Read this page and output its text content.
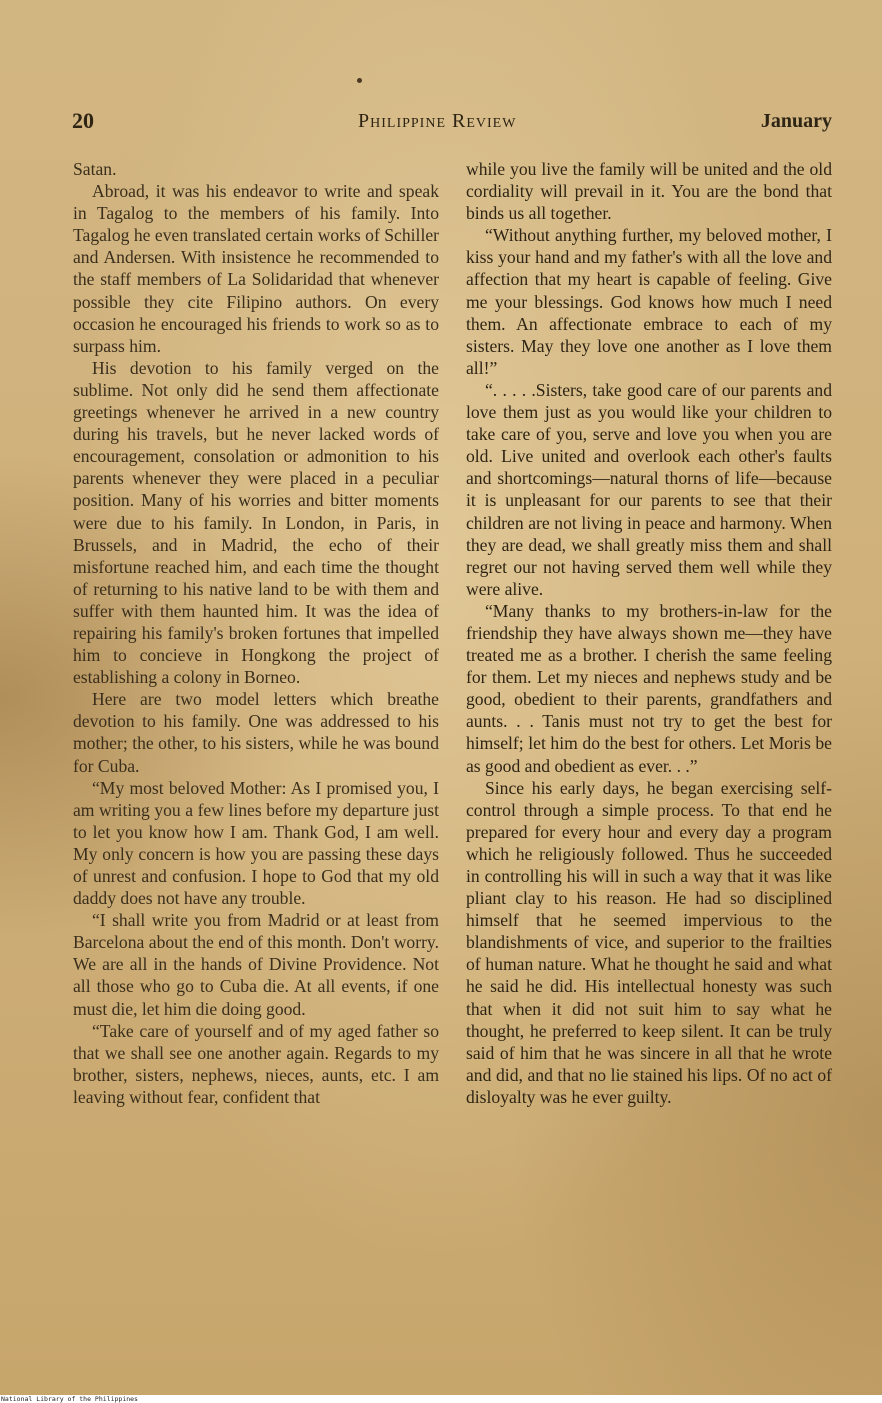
20	Philippine Review	January

Satan.

Abroad, it was his endeavor to write and speak in Tagalog to the members of his family. Into Tagalog he even translated certain works of Schiller and Andersen. With insistence he recommended to the staff members of La Solidaridad that whenever possible they cite Filipino authors. On every occasion he encouraged his friends to work so as to surpass him.

His devotion to his family verged on the sublime. Not only did he send them affectionate greetings whenever he arrived in a new country during his travels, but he never lacked words of encouragement, consolation or admonition to his parents whenever they were placed in a peculiar position. Many of his worries and bitter moments were due to his family. In London, in Paris, in Brussels, and in Madrid, the echo of their misfortune reached him, and each time the thought of returning to his native land to be with them and suffer with them haunted him. It was the idea of repairing his family's broken fortunes that impelled him to concieve in Hongkong the project of establishing a colony in Borneo.

Here are two model letters which breathe devotion to his family. One was addressed to his mother; the other, to his sisters, while he was bound for Cuba.

“My most beloved Mother: As I promised you, I am writing you a few lines before my departure just to let you know how I am. Thank God, I am well. My only concern is how you are passing these days of unrest and confusion. I hope to God that my old daddy does not have any trouble.

“I shall write you from Madrid or at least from Barcelona about the end of this month. Don't worry. We are all in the hands of Divine Providence. Not all those who go to Cuba die. At all events, if one must die, let him die doing good.

“Take care of yourself and of my aged father so that we shall see one another again. Regards to my brother, sisters, nephews, nieces, aunts, etc. I am leaving without fear, confident that

while you live the family will be united and the old cordiality will prevail in it. You are the bond that binds us all together.

“Without anything further, my beloved mother, I kiss your hand and my father's with all the love and affection that my heart is capable of feeling. Give me your blessings. God knows how much I need them. An affectionate embrace to each of my sisters. May they love one another as I love them all!”

“. . . . .Sisters, take good care of our parents and love them just as you would like your children to take care of you, serve and love you when you are old. Live united and overlook each other's faults and shortcomings—natural thorns of life—because it is unpleasant for our parents to see that their children are not living in peace and harmony. When they are dead, we shall greatly miss them and shall regret our not having served them well while they were alive.

“Many thanks to my brothers-in-law for the friendship they have always shown me—they have treated me as a brother. I cherish the same feeling for them. Let my nieces and nephews study and be good, obedient to their parents, grandfathers and aunts. . . Tanis must not try to get the best for himself; let him do the best for others. Let Moris be as good and obedient as ever. . .”

Since his early days, he began exercising self-control through a simple process. To that end he prepared for every hour and every day a program which he religiously followed. Thus he succeeded in controlling his will in such a way that it was like pliant clay to his reason. He had so disciplined himself that he seemed impervious to the blandishments of vice, and superior to the frailties of human nature. What he thought he said and what he said he did. His intellectual honesty was such that when it did not suit him to say what he thought, he preferred to keep silent. It can be truly said of him that he was sincere in all that he wrote and did, and that no lie stained his lips. Of no act of disloyalty was he ever guilty.

National Library of the Philippines
